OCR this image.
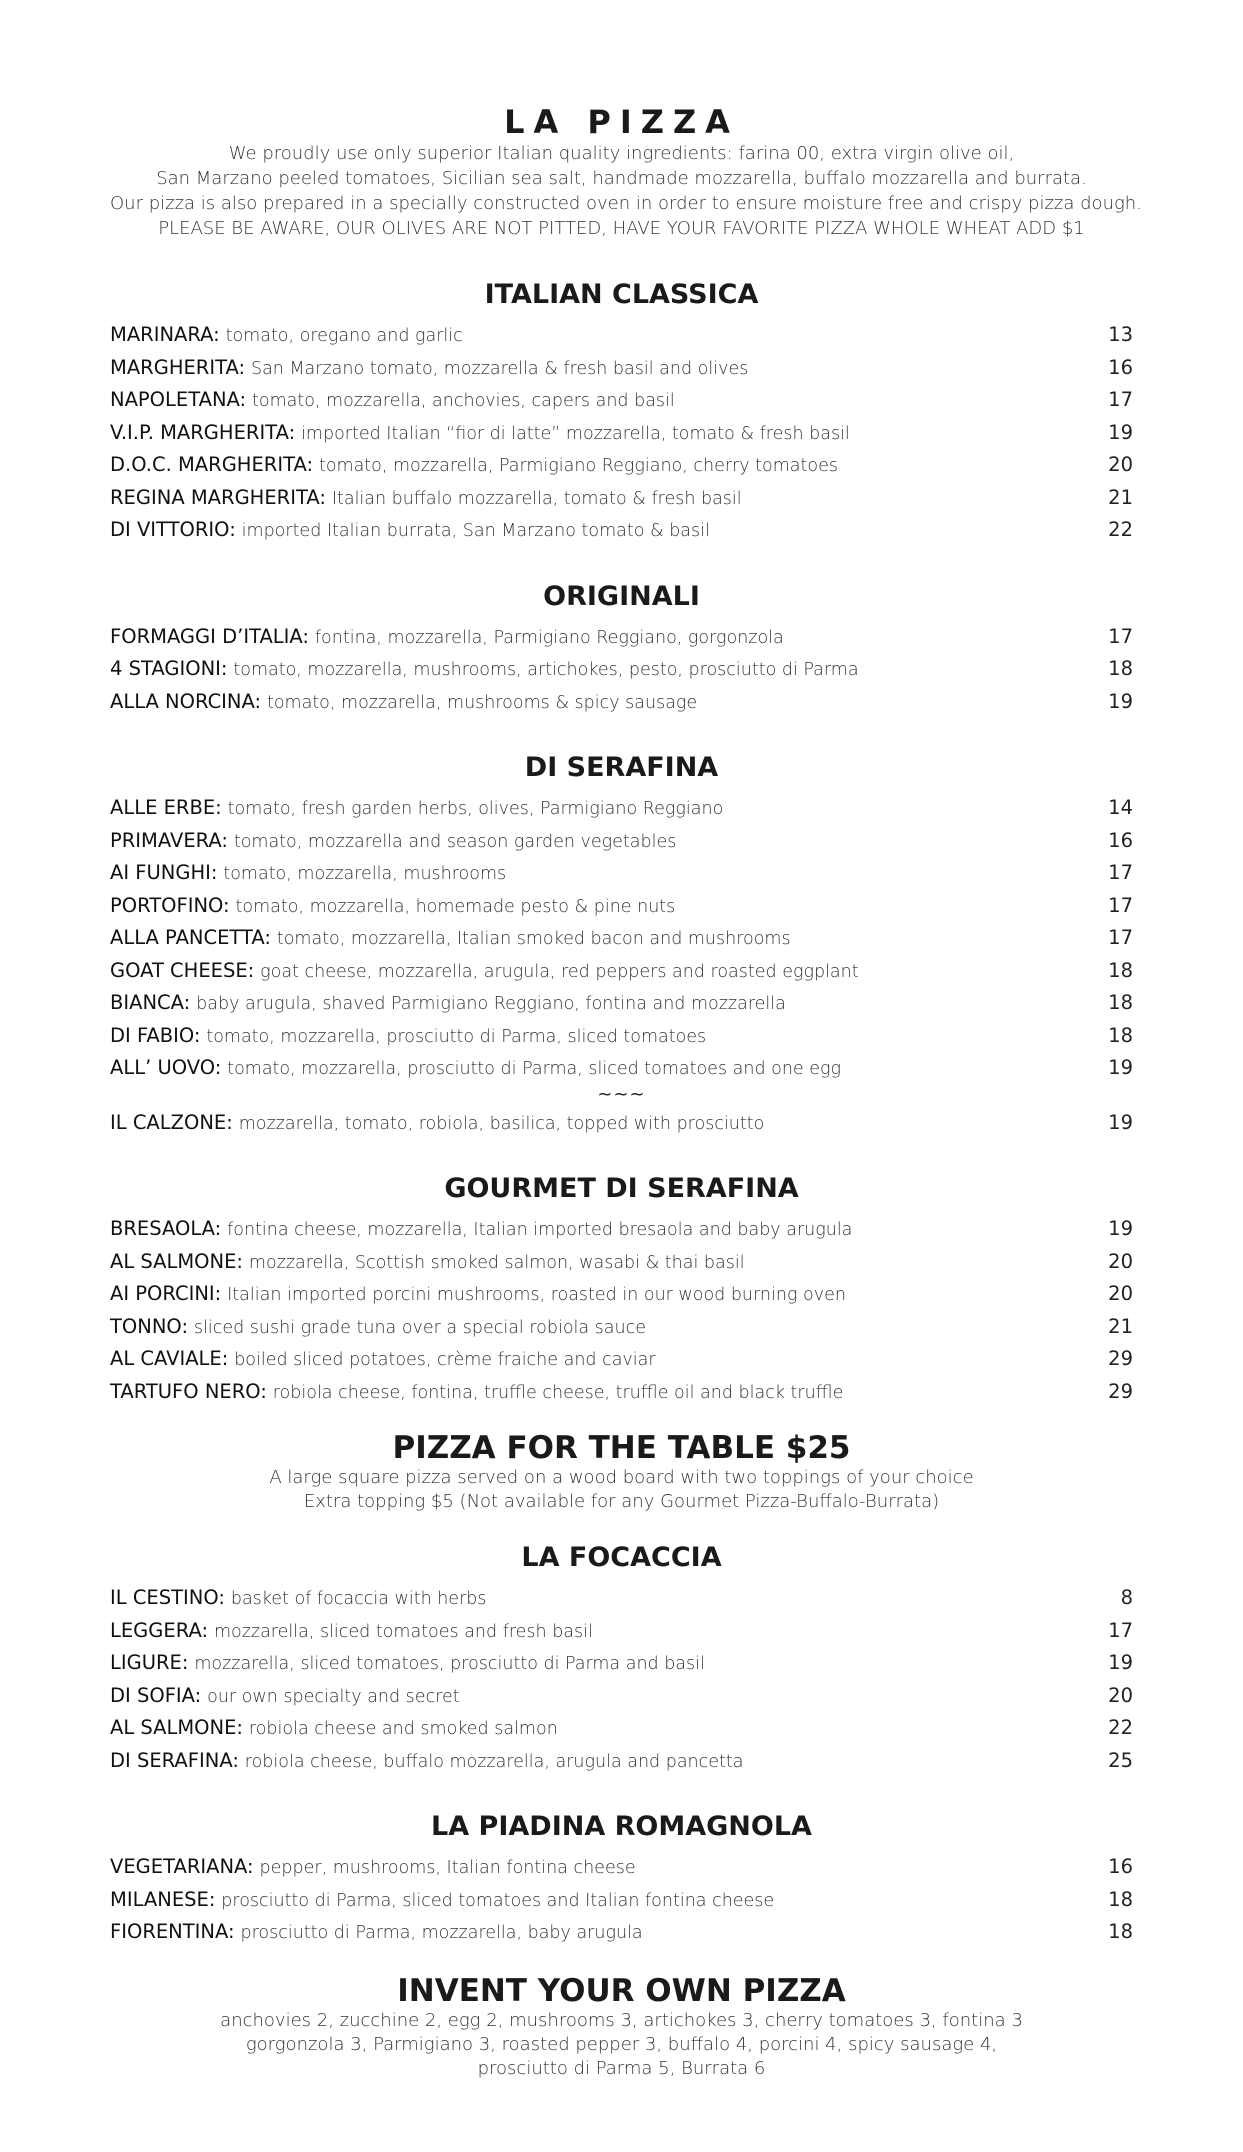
LA PIZZA
We proudly use only superior Italian quality ingredients: farina 00, extra virgin olive oil,
San Marzano peeled tomatoes, Sicilian sea salt, handmade mozzarella, buffalo mozzarella and burrata.
Our pizza is also prepared in a specially constructed oven in order to ensure moisture free and crispy pizza dough.
PLEASE BE AWARE, OUR OLIVES ARE NOT PITTED, HAVE YOUR FAVORITE PIZZA WHOLE WHEAT ADD $1
ITALIAN CLASSICA
MARINARA: tomato, oregano and garlic	13
MARGHERITA: San Marzano tomato, mozzarella & fresh basil and olives	16
NAPOLETANA: tomato, mozzarella, anchovies, capers and basil	17
V.I.P. MARGHERITA: imported Italian “fior di latte” mozzarella, tomato & fresh basil	19
D.O.C. MARGHERITA: tomato, mozzarella, Parmigiano Reggiano, cherry tomatoes	20
REGINA MARGHERITA: Italian buffalo mozzarella, tomato & fresh basil	21
DI VITTORIO: imported Italian burrata, San Marzano tomato & basil	22
ORIGINALI
FORMAGGI D’ITALIA: fontina, mozzarella, Parmigiano Reggiano, gorgonzola	17
4 STAGIONI: tomato, mozzarella, mushrooms, artichokes, pesto, prosciutto di Parma	18
ALLA NORCINA: tomato, mozzarella, mushrooms & spicy sausage	19
DI SERAFINA
ALLE ERBE: tomato, fresh garden herbs, olives, Parmigiano Reggiano	14
PRIMAVERA: tomato, mozzarella and season garden vegetables	16
AI FUNGHI: tomato, mozzarella, mushrooms	17
PORTOFINO: tomato, mozzarella, homemade pesto & pine nuts	17
ALLA PANCETTA: tomato, mozzarella, Italian smoked bacon and mushrooms	17
GOAT CHEESE: goat cheese, mozzarella, arugula, red peppers and roasted eggplant	18
BIANCA: baby arugula, shaved Parmigiano Reggiano, fontina and mozzarella	18
DI FABIO: tomato, mozzarella, prosciutto di Parma, sliced tomatoes	18
ALL’ UOVO: tomato, mozzarella, prosciutto di Parma, sliced tomatoes and one egg	19
~~~
IL CALZONE: mozzarella, tomato, robiola, basilica, topped with prosciutto	19
GOURMET DI SERAFINA
BRESAOLA: fontina cheese, mozzarella, Italian imported bresaola and baby arugula	19
AL SALMONE: mozzarella, Scottish smoked salmon, wasabi & thai basil	20
AI PORCINI: Italian imported porcini mushrooms, roasted in our wood burning oven	20
TONNO: sliced sushi grade tuna over a special robiola sauce	21
AL CAVIALE: boiled sliced potatoes, crème fraiche and caviar	29
TARTUFO NERO: robiola cheese, fontina, truffle cheese, truffle oil and black truffle	29
PIZZA FOR THE TABLE $25
A large square pizza served on a wood board with two toppings of your choice
Extra topping $5 (Not available for any Gourmet Pizza-Buffalo-Burrata)
LA FOCACCIA
IL CESTINO: basket of focaccia with herbs	8
LEGGERA: mozzarella, sliced tomatoes and fresh basil	17
LIGURE: mozzarella, sliced tomatoes, prosciutto di Parma and basil	19
DI SOFIA: our own specialty and secret	20
AL SALMONE: robiola cheese and smoked salmon	22
DI SERAFINA: robiola cheese, buffalo mozzarella, arugula and pancetta	25
LA PIADINA ROMAGNOLA
VEGETARIANA: pepper, mushrooms, Italian fontina cheese	16
MILANESE: prosciutto di Parma, sliced tomatoes and Italian fontina cheese	18
FIORENTINA: prosciutto di Parma, mozzarella, baby arugula	18
INVENT YOUR OWN PIZZA
anchovies 2, zucchine 2, egg 2, mushrooms 3, artichokes 3, cherry tomatoes 3, fontina 3
gorgonzola 3, Parmigiano 3, roasted pepper 3, buffalo 4, porcini 4, spicy sausage 4,
prosciutto di Parma 5, Burrata 6
